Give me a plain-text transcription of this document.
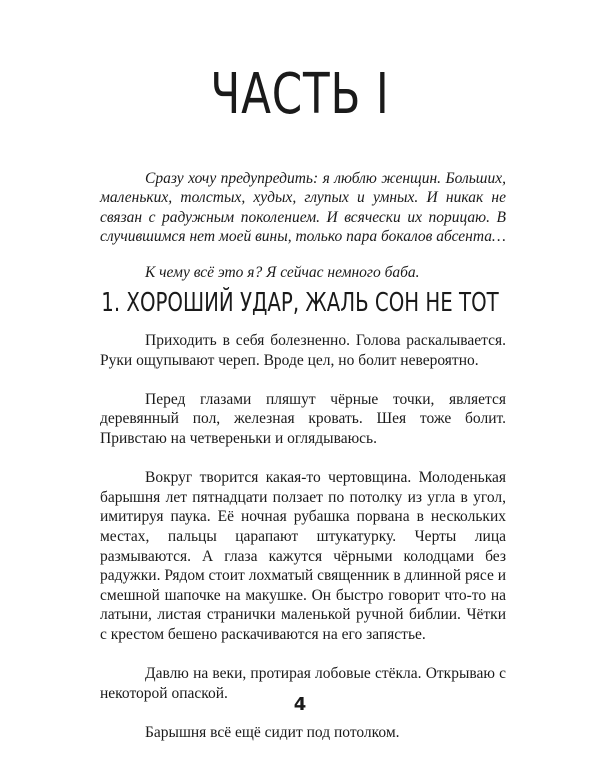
ЧАСТЬ I

Сразу хочу предупредить: я люблю женщин. Больших, маленьких, толстых, худых, глупых и умных. И никак не связан с радужным поколением. И всячески их порицаю. В случившимся нет моей вины, только пара бокалов абсента…

К чему всё это я? Я сейчас немного баба.

1. ХОРОШИЙ УДАР, ЖАЛЬ СОН НЕ ТОТ

Приходить в себя болезненно. Голова раскалывается. Руки ощупывают череп. Вроде цел, но болит невероятно.

Перед глазами пляшут чёрные точки, является деревянный пол, железная кровать. Шея тоже болит. Привстаю на четвереньки и оглядываюсь.

Вокруг творится какая-то чертовщина. Молоденькая барышня лет пятнадцати ползает по потолку из угла в угол, имитируя паука. Её ночная рубашка порвана в нескольких местах, пальцы царапают штукатурку. Черты лица размываются. А глаза кажутся чёрными колодцами без радужки. Рядом стоит лохматый священник в длинной рясе и смешной шапочке на макушке. Он быстро говорит что-то на латыни, листая странички маленькой ручной библии. Чётки с крестом бешено раскачиваются на его запястье.

Давлю на веки, протирая лобовые стёкла. Открываю с некоторой опаской.

Барышня всё ещё сидит под потолком.

4
